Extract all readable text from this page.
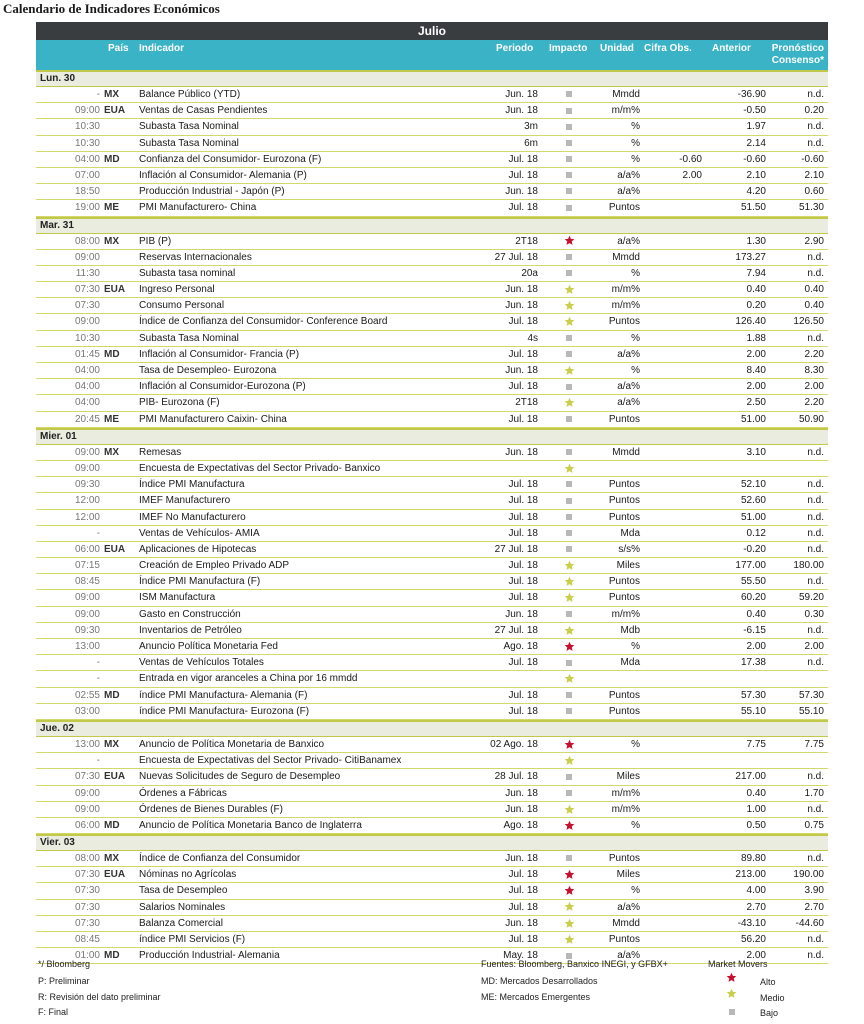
Calendario de Indicadores Económicos
Julio
País Indicador	Periodo Impacto Unidad Cifra Obs. Anterior	Pronóstico
Consenso*
Lun. 30
- MX	Balance Público (YTD)	Jun. 18	Mmdd	-36.90	n.d.
09:00 EUA	Ventas de Casas Pendientes	Jun. 18	m/m%	-0.50	0.20
10:30	Subasta Tasa Nominal	3m	%	1.97	n.d.
10:30	Subasta Tasa Nominal	6m	%	2.14	n.d.
04:00 MD	Confianza del Consumidor- Eurozona (F)	Jul. 18	%	-0.60	-0.60	-0.60
07:00	Inflación al Consumidor- Alemania (P)	Jul. 18	a/a%	2.00	2.10	2.10
18:50	Producción Industrial - Japón (P)	Jun. 18	a/a%	4.20	0.60
19:00 ME	PMI Manufacturero- China	Jul. 18	Puntos	51.50	51.30
Mar. 31
08:00 MX	PIB (P)	2T18	a/a%	1.30	2.90
09:00	Reservas Internacionales	27 Jul. 18	Mmdd	173.27	n.d.
11:30	Subasta tasa nominal	20a	%	7.94	n.d.
07:30 EUA	Ingreso Personal	Jun. 18	m/m%	0.40	0.40
07:30	Consumo Personal	Jun. 18	m/m%	0.20	0.40
09:00	Índice de Confianza del Consumidor- Conference Board	Jul. 18	Puntos	126.40	126.50
10:30	Subasta Tasa Nominal	4s	%	1.88	n.d.
01:45 MD	Inflación al Consumidor- Francia (P)	Jul. 18	a/a%	2.00	2.20
04:00	Tasa de Desempleo- Eurozona	Jun. 18	%	8.40	8.30
04:00	Inflación al Consumidor-Eurozona (P)	Jul. 18	a/a%	2.00	2.00
04:00	PIB- Eurozona (F)	2T18	a/a%	2.50	2.20
20:45 ME	PMI Manufacturero Caixin- China	Jul. 18	Puntos	51.00	50.90
Mier. 01
09:00 MX	Remesas	Jun. 18	Mmdd	3.10	n.d.
09:00	Encuesta de Expectativas del Sector Privado- Banxico
09:30	Índice PMI Manufactura	Jul. 18	Puntos	52.10	n.d.
12:00	IMEF Manufacturero	Jul. 18	Puntos	52.60	n.d.
12:00	IMEF No Manufacturero	Jul. 18	Puntos	51.00	n.d.
-	Ventas de Vehículos- AMIA	Jul. 18	Mda	0.12	n.d.
06:00 EUA	Aplicaciones de Hipotecas	27 Jul. 18	s/s%	-0.20	n.d.
07:15	Creación de Empleo Privado ADP	Jul. 18	Miles	177.00	180.00
08:45	Índice PMI Manufactura (F)	Jul. 18	Puntos	55.50	n.d.
09:00	ISM Manufactura	Jul. 18	Puntos	60.20	59.20
09:00	Gasto en Construcción	Jun. 18	m/m%	0.40	0.30
09:30	Inventarios de Petróleo	27 Jul. 18	Mdb	-6.15	n.d.
13:00	Anuncio Política Monetaria Fed	Ago. 18	%	2.00	2.00
-	Ventas de Vehículos Totales	Jul. 18	Mda	17.38	n.d.
-	Entrada en vigor aranceles a China por 16 mmdd
02:55 MD	índice PMI Manufactura- Alemania (F)	Jul. 18	Puntos	57.30	57.30
03:00	índice PMI Manufactura- Eurozona (F)	Jul. 18	Puntos	55.10	55.10
Jue. 02
13:00 MX	Anuncio de Política Monetaria de Banxico	02 Ago. 18	%	7.75	7.75
-	Encuesta de Expectativas del Sector Privado- CitiBanamex
07:30 EUA	Nuevas Solicitudes de Seguro de Desempleo	28 Jul. 18	Miles	217.00	n.d.
09:00	Órdenes a Fábricas	Jun. 18	m/m%	0.40	1.70
09:00	Órdenes de Bienes Durables (F)	Jun. 18	m/m%	1.00	n.d.
06:00 MD	Anuncio de Política Monetaria Banco de Inglaterra	Ago. 18	%	0.50	0.75
Vier. 03
08:00 MX	Índice de Confianza del Consumidor	Jun. 18	Puntos	89.80	n.d.
07:30 EUA	Nóminas no Agrícolas	Jul. 18	Miles	213.00	190.00
07:30	Tasa de Desempleo	Jul. 18	%	4.00	3.90
07:30	Salarios Nominales	Jul. 18	a/a%	2.70	2.70
07:30	Balanza Comercial	Jun. 18	Mmdd	-43.10	-44.60
08:45	índice PMI Servicios (F)	Jul. 18	Puntos	56.20	n.d.
01:00 MD	Producción Industrial- Alemania	May. 18	a/a%	2.00	n.d.
*/ Bloomberg
P: Preliminar
R: Revisión del dato preliminar
F: Final
Fuentes: Bloomberg, Banxico INEGI, y GFBX+
MD: Mercados Desarrollados
ME: Mercados Emergentes
Market Movers
Alto
Medio
Bajo
